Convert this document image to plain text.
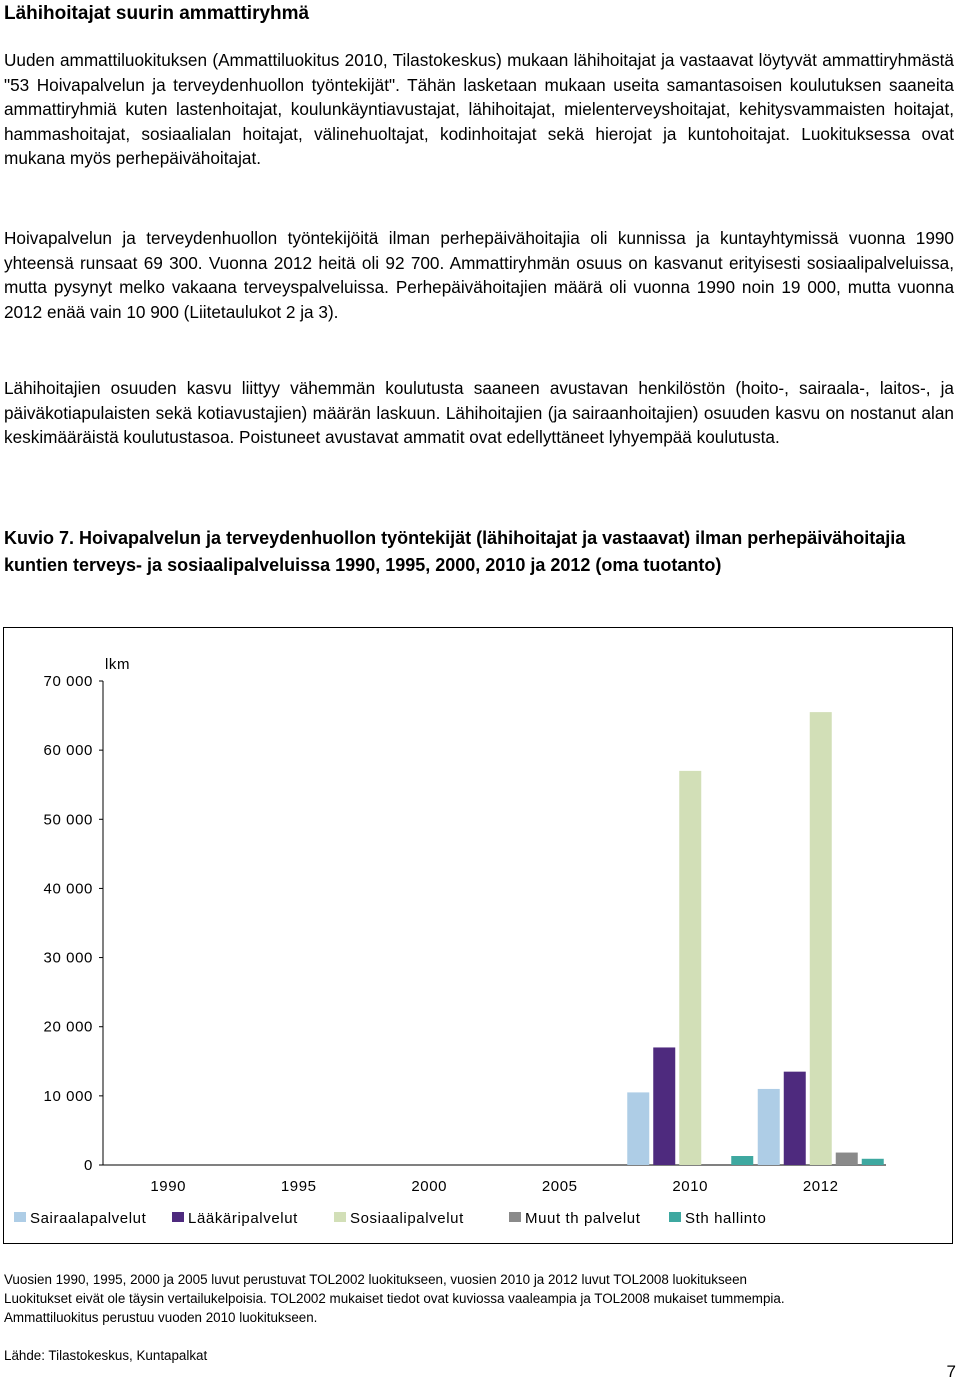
Lähihoitajat suurin ammattiryhmä

Uuden ammattiluokituksen (Ammattiluokitus 2010, Tilastokeskus) mukaan lähihoitajat ja vastaavat löytyvät ammattiryhmästä "53 Hoivapalvelun ja terveydenhuollon työntekijät". Tähän lasketaan mukaan useita samantasoisen koulutuksen saaneita ammattiryhmiä kuten lastenhoitajat, koulunkäyntiavustajat, lähihoitajat, mielenterveyshoitajat, kehitysvammaisten hoitajat, hammashoitajat, sosiaalialan hoitajat, välinehuoltajat, kodinhoitajat sekä hierojat ja kuntohoitajat. Luokituksessa ovat mukana myös perhepäivähoitajat.

Hoivapalvelun ja terveydenhuollon työntekijöitä ilman perhepäivähoitajia oli kunnissa ja kuntayhtymissä vuonna 1990 yhteensä runsaat 69 300. Vuonna 2012 heitä oli 92 700. Ammattiryhmän osuus on kasvanut erityisesti sosiaalipalveluissa, mutta pysynyt melko vakaana terveyspalveluissa. Perhepäivähoitajien määrä oli vuonna 1990 noin 19 000, mutta vuonna 2012 enää vain 10 900 (Liitetaulukot 2 ja 3).

Lähihoitajien osuuden kasvu liittyy vähemmän koulutusta saaneen avustavan henkilöstön (hoito-, sairaala-, laitos-, ja päiväkotiapulaisten sekä kotiavustajien) määrän laskuun. Lähihoitajien (ja sairaanhoitajien) osuuden kasvu on nostanut alan keskimääräistä koulutustasoa. Poistuneet avustavat ammatit ovat edellyttäneet lyhyempää koulutusta.

Kuvio 7. Hoivapalvelun ja terveydenhuollon työntekijät (lähihoitajat ja vastaavat) ilman perhepäivähoitajia kuntien terveys- ja sosiaalipalveluissa 1990, 1995, 2000, 2010 ja 2012 (oma tuotanto)

0
10 000
20 000
30 000
40 000
50 000
60 000
70 000
lkm
1990	1995	2000	2005	2010	2012
Sairaalapalvelut	Lääkäripalvelut	Sosiaalipalvelut	Muut th palvelut	Sth hallinto

Vuosien 1990, 1995, 2000 ja 2005 luvut perustuvat TOL2002 luokitukseen, vuosien 2010 ja 2012 luvut TOL2008 luokitukseen
Luokitukset eivät ole täysin vertailukelpoisia. TOL2002 mukaiset tiedot ovat kuviossa vaaleampia ja TOL2008 mukaiset tummempia.
Ammattiluokitus perustuu vuoden 2010 luokitukseen.

Lähde: Tilastokeskus, Kuntapalkat

7
